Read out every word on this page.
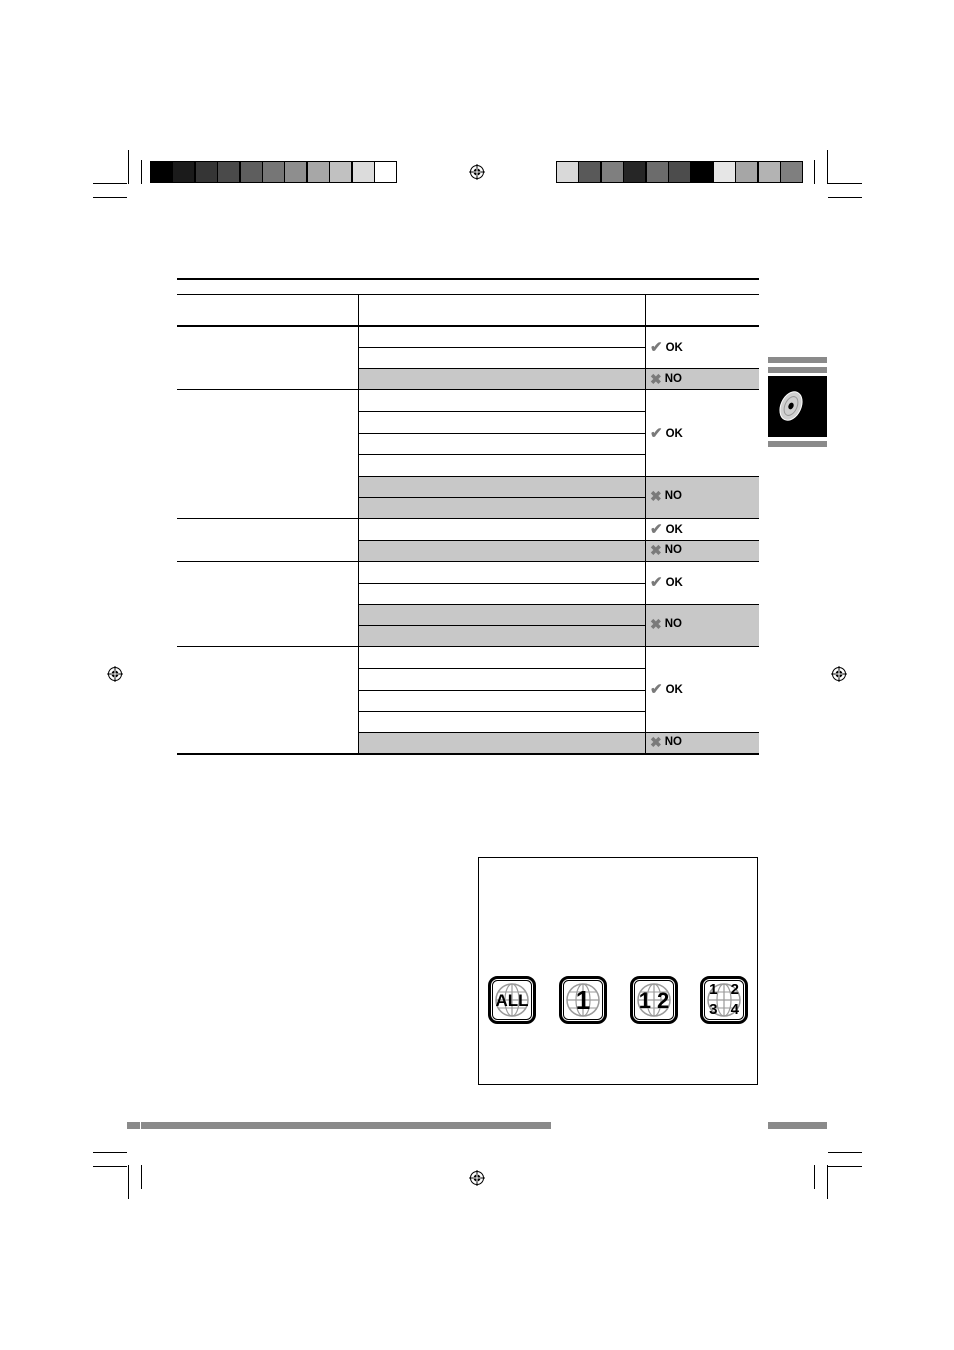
✔ OK
✖ NO
✔ OK
✖ NO
✔ OK
✖ NO
✔ OK
✖ NO
✔ OK
✖ NO
ALL 1 1 2	1 2 3 4
